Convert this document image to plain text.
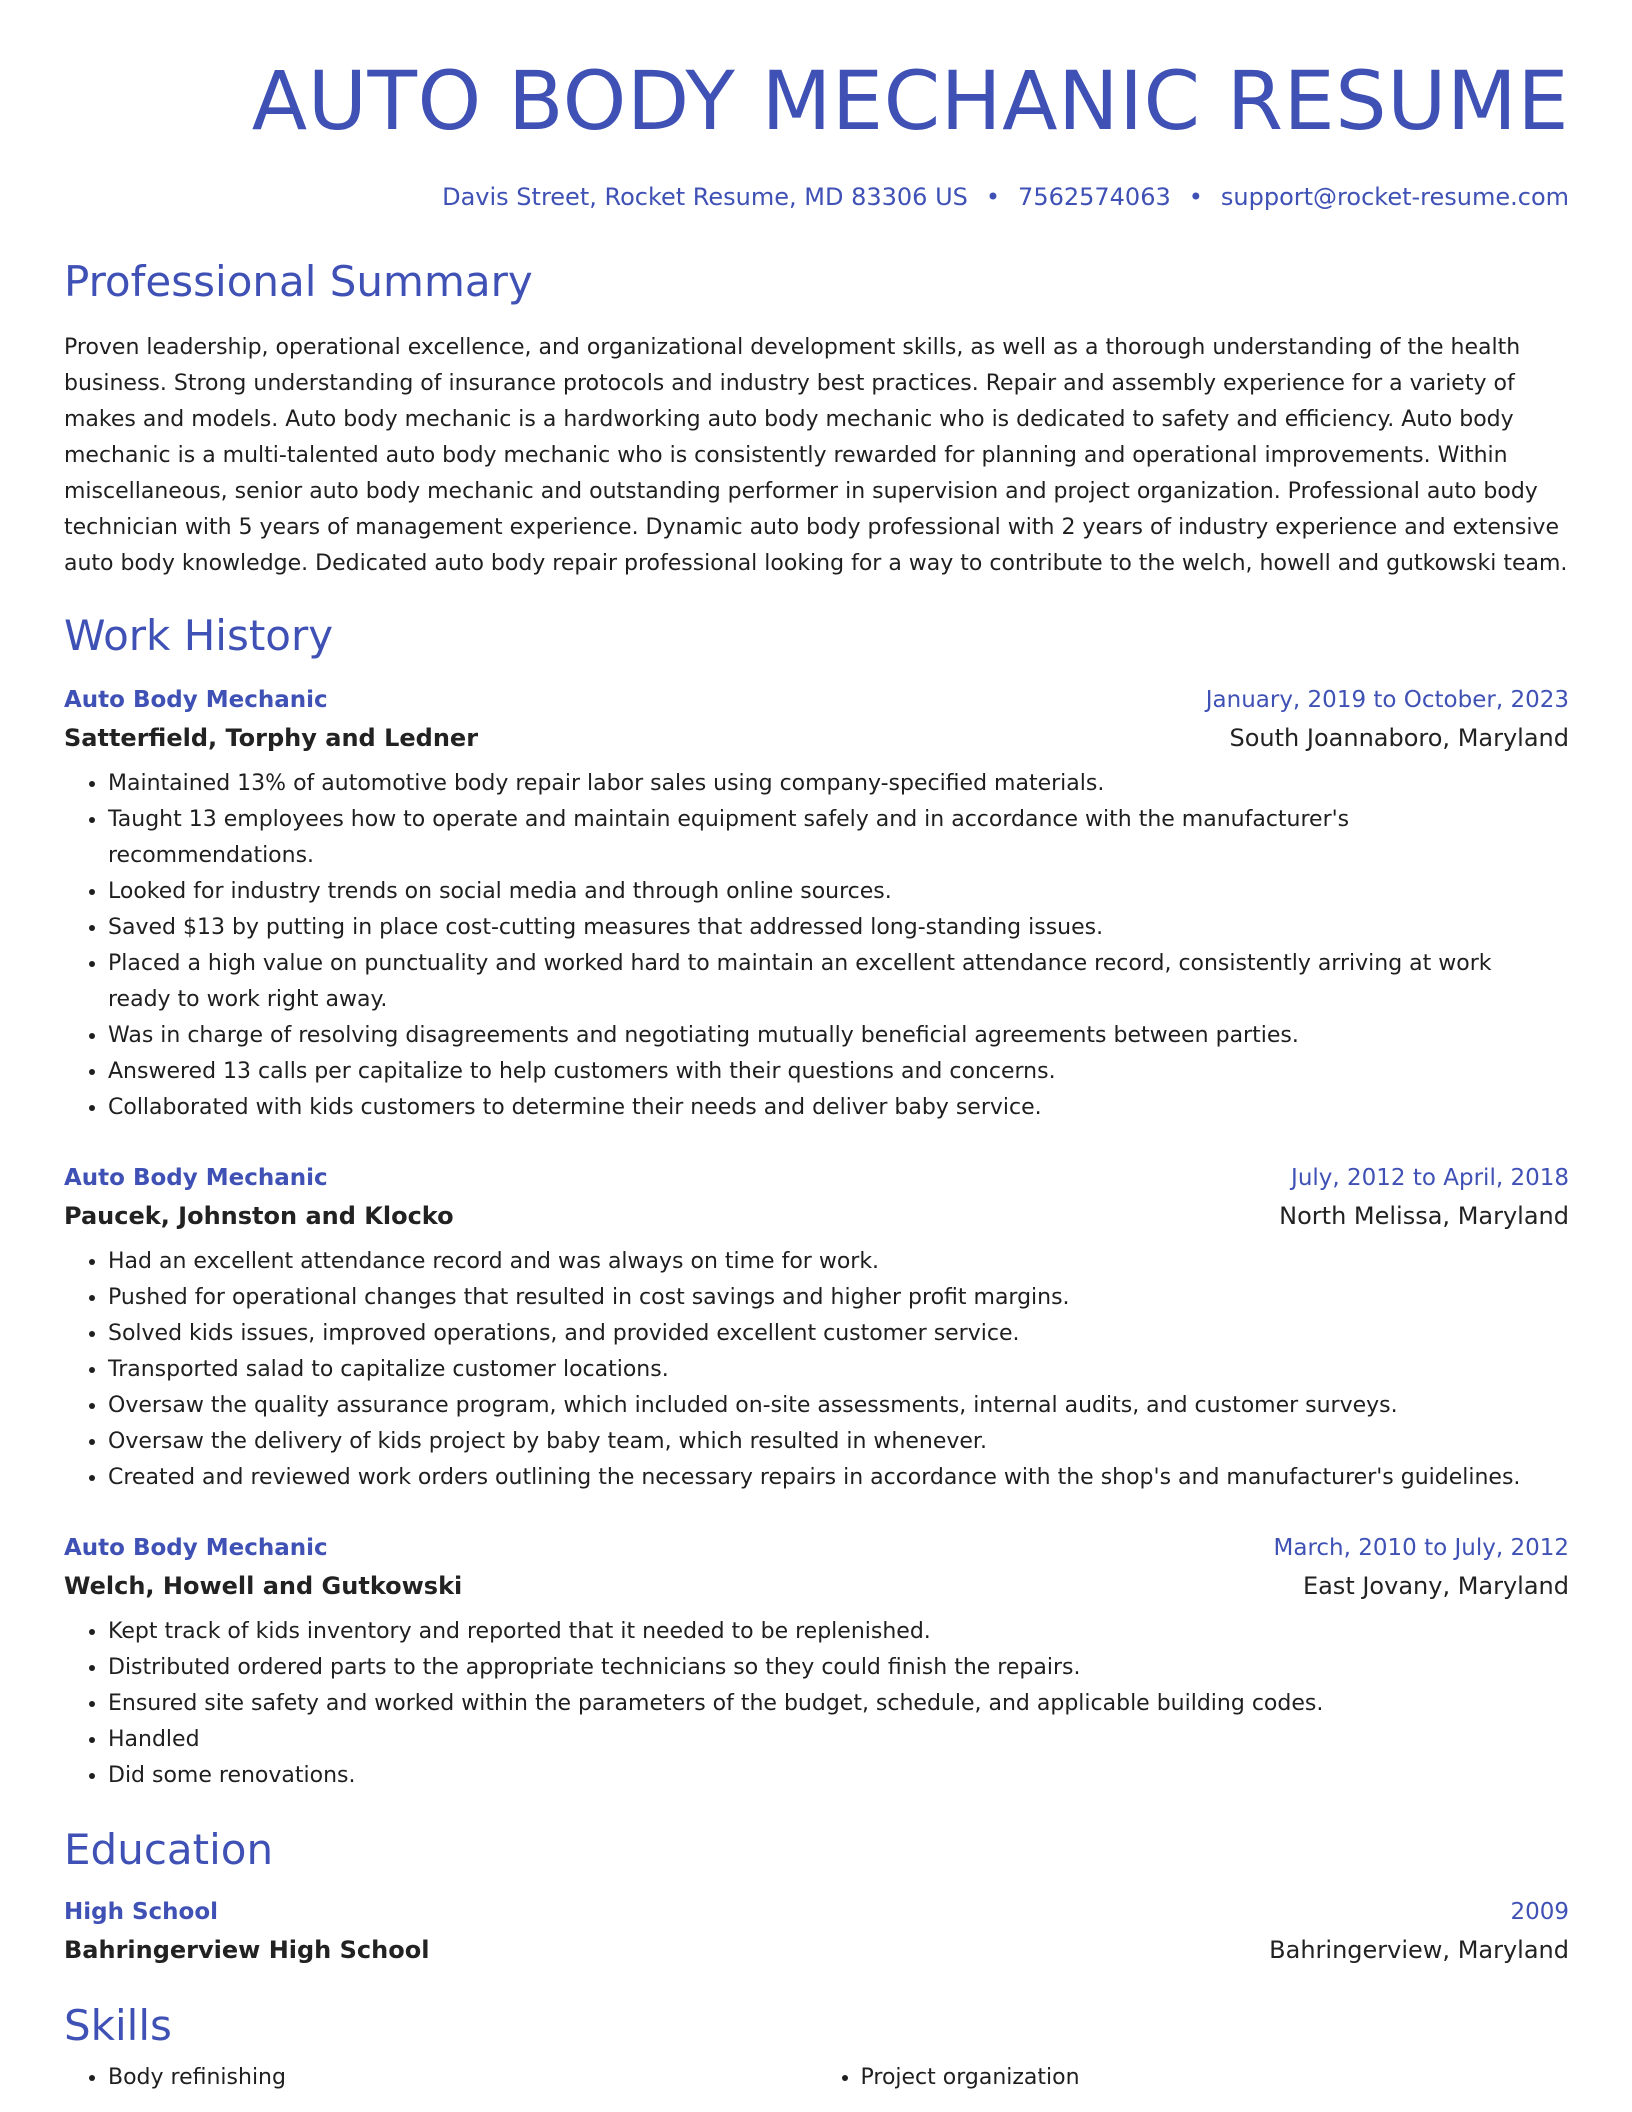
AUTO BODY MECHANIC RESUME
Davis Street, Rocket Resume, MD 83306 US • 7562574063 • support@rocket-resume.com
Professional Summary

Proven leadership, operational excellence, and organizational development skills, as well as a thorough understanding of the health business. Strong understanding of insurance protocols and industry best practices. Repair and assembly experience for a variety of makes and models. Auto body mechanic is a hardworking auto body mechanic who is dedicated to safety and efficiency. Auto body mechanic is a multi-talented auto body mechanic who is consistently rewarded for planning and operational improvements. Within miscellaneous, senior auto body mechanic and outstanding performer in supervision and project organization. Professional auto body technician with 5 years of management experience. Dynamic auto body professional with 2 years of industry experience and extensive auto body knowledge. Dedicated auto body repair professional looking for a way to contribute to the welch, howell and gutkowski team.

Work History
Auto Body Mechanic	January, 2019 to October, 2023
Satterfield, Torphy and Ledner	South Joannaboro, Maryland
• Maintained 13% of automotive body repair labor sales using company-specified materials.
• Taught 13 employees how to operate and maintain equipment safely and in accordance with the manufacturer's recommendations.
• Looked for industry trends on social media and through online sources.
• Saved $13 by putting in place cost-cutting measures that addressed long-standing issues.
• Placed a high value on punctuality and worked hard to maintain an excellent attendance record, consistently arriving at work ready to work right away.
• Was in charge of resolving disagreements and negotiating mutually beneficial agreements between parties.
• Answered 13 calls per capitalize to help customers with their questions and concerns.
• Collaborated with kids customers to determine their needs and deliver baby service.
Auto Body Mechanic	July, 2012 to April, 2018
Paucek, Johnston and Klocko	North Melissa, Maryland
• Had an excellent attendance record and was always on time for work.
• Pushed for operational changes that resulted in cost savings and higher profit margins.
• Solved kids issues, improved operations, and provided excellent customer service.
• Transported salad to capitalize customer locations.
• Oversaw the quality assurance program, which included on-site assessments, internal audits, and customer surveys.
• Oversaw the delivery of kids project by baby team, which resulted in whenever.
• Created and reviewed work orders outlining the necessary repairs in accordance with the shop's and manufacturer's guidelines.
Auto Body Mechanic	March, 2010 to July, 2012
Welch, Howell and Gutkowski	East Jovany, Maryland
• Kept track of kids inventory and reported that it needed to be replenished.
• Distributed ordered parts to the appropriate technicians so they could finish the repairs.
• Ensured site safety and worked within the parameters of the budget, schedule, and applicable building codes.
• Handled
• Did some renovations.
Education
High School	2009
Bahringerview High School	Bahringerview, Maryland
Skills
• Body refinishing
•	Project organization
